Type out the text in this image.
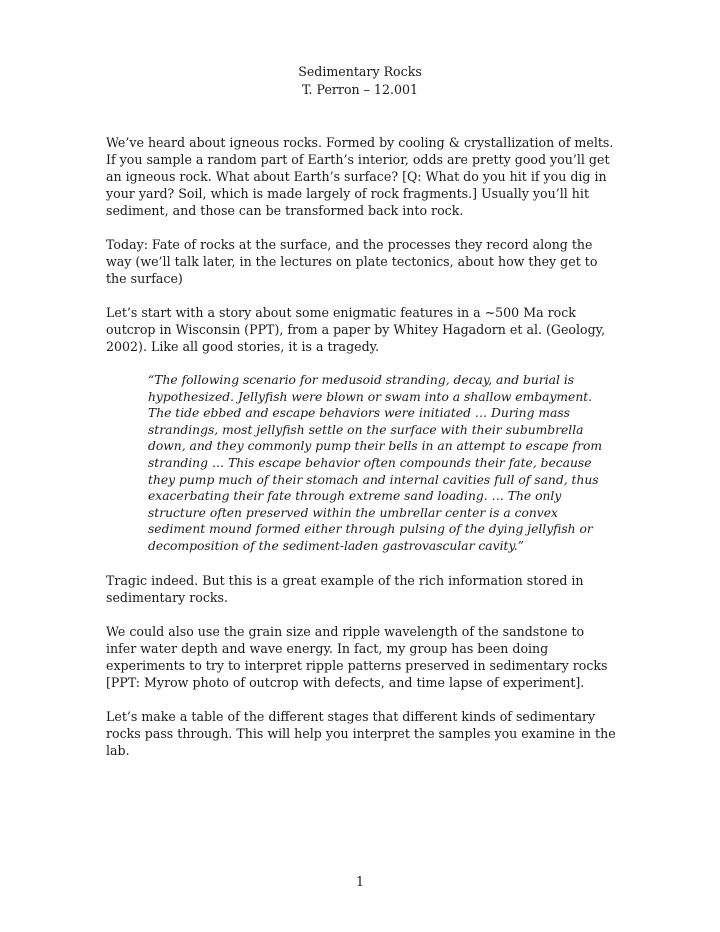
Sedimentary Rocks
T. Perron – 12.001

We’ve heard about igneous rocks. Formed by cooling & crystallization of melts. If you sample a random part of Earth’s interior, odds are pretty good you’ll get an igneous rock. What about Earth’s surface? [Q: What do you hit if you dig in your yard? Soil, which is made largely of rock fragments.] Usually you’ll hit sediment, and those can be transformed back into rock.

Today: Fate of rocks at the surface, and the processes they record along the way (we’ll talk later, in the lectures on plate tectonics, about how they get to the surface)

Let’s start with a story about some enigmatic features in a ~500 Ma rock outcrop in Wisconsin (PPT), from a paper by Whitey Hagadorn et al. (Geology, 2002). Like all good stories, it is a tragedy.

“The following scenario for medusoid stranding, decay, and burial is hypothesized. Jellyfish were blown or swam into a shallow embayment. The tide ebbed and escape behaviors were initiated … During mass strandings, most jellyfish settle on the surface with their subumbrella down, and they commonly pump their bells in an attempt to escape from stranding … This escape behavior often compounds their fate, because they pump much of their stomach and internal cavities full of sand, thus exacerbating their fate through extreme sand loading. … The only structure often preserved within the umbrellar center is a convex sediment mound formed either through pulsing of the dying jellyfish or decomposition of the sediment-laden gastrovascular cavity.”

Tragic indeed. But this is a great example of the rich information stored in sedimentary rocks.

We could also use the grain size and ripple wavelength of the sandstone to infer water depth and wave energy. In fact, my group has been doing experiments to try to interpret ripple patterns preserved in sedimentary rocks [PPT: Myrow photo of outcrop with defects, and time lapse of experiment].

Let’s make a table of the different stages that different kinds of sedimentary rocks pass through. This will help you interpret the samples you examine in the lab.

1
